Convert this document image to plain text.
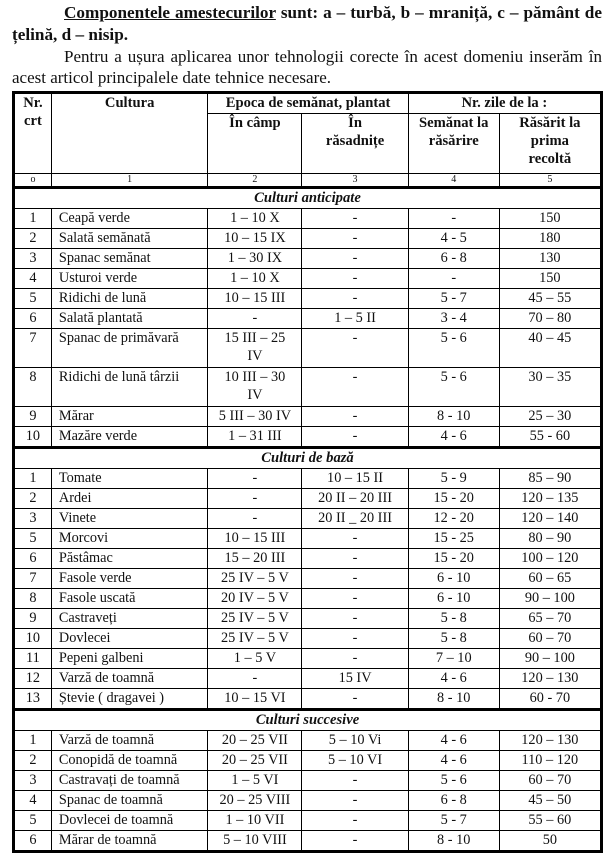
Componentele amestecurilor sunt: a – turbă, b – mraniță, c – pământ de țelină, d – nisip.

Pentru a ușura aplicarea unor tehnologii corecte în acest domeniu inserăm în acest articol principalele date tehnice necesare.

Nr. crt	Cultura	Epoca de semănat, plantat		Nr. zile de la :	
		În câmp	În răsadnițe	Semănat la răsărire	Răsărit la prima recoltă
o	1	2	3	4	5
Culturi anticipate					
1	Ceapă verde	1 – 10 X	-	-	150
2	Salată semănată	10 – 15 IX	-	4 - 5	180
3	Spanac semănat	1 – 30 IX	-	6 - 8	130
4	Usturoi verde	1 – 10 X	-	-	150
5	Ridichi de lună	10 – 15 III	-	5 - 7	45 – 55
6	Salată plantată	-	1 – 5 II	3 - 4	70 – 80
7	Spanac de primăvară	15 III – 25 IV	-	5 - 6	40 – 45
8	Ridichi de lună târzii	10 III – 30 IV	-	5 - 6	30 – 35
9	Mărar	5 III – 30 IV	-	8 - 10	25 – 30
10	Mazăre verde	1 – 31 III	-	4 - 6	55 - 60
Culturi de bază					
1	Tomate	-	10 – 15 II	5 - 9	85 – 90
2	Ardei	-	20 II – 20 III	15 - 20	120 – 135
3	Vinete	-	20 II _ 20 III	12 - 20	120 – 140
5	Morcovi	10 – 15 III	-	15 - 25	80 – 90
6	Păstâmac	15 – 20 III	-	15 - 20	100 – 120
7	Fasole verde	25 IV – 5 V	-	6 - 10	60 – 65
8	Fasole uscată	20 IV – 5 V	-	6 - 10	90 – 100
9	Castraveți	25 IV – 5 V	-	5 - 8	65 – 70
10	Dovlecei	25 IV – 5 V	-	5 - 8	60 – 70
11	Pepeni galbeni	1 – 5 V	-	7 – 10	90 – 100
12	Varză de toamnă	-	15 IV	4 - 6	120 – 130
13	Ștevie ( dragavei )	10 – 15 VI	-	8 - 10	60 - 70
Culturi succesive					
1	Varză de toamnă	20 – 25 VII	5 – 10 Vi	4 - 6	120 – 130
2	Conopidă de toamnă	20 – 25 VII	5 – 10 VI	4 - 6	110 – 120
3	Castravați de toamnă	1 – 5 VI	-	5 - 6	60 – 70
4	Spanac de toamnă	20 – 25 VIII	-	6 - 8	45 – 50
5	Dovlecei de toamnă	1 – 10 VII	-	5 - 7	55 – 60
6	Mărar de toamnă	5 – 10 VIII	-	8 - 10	50
